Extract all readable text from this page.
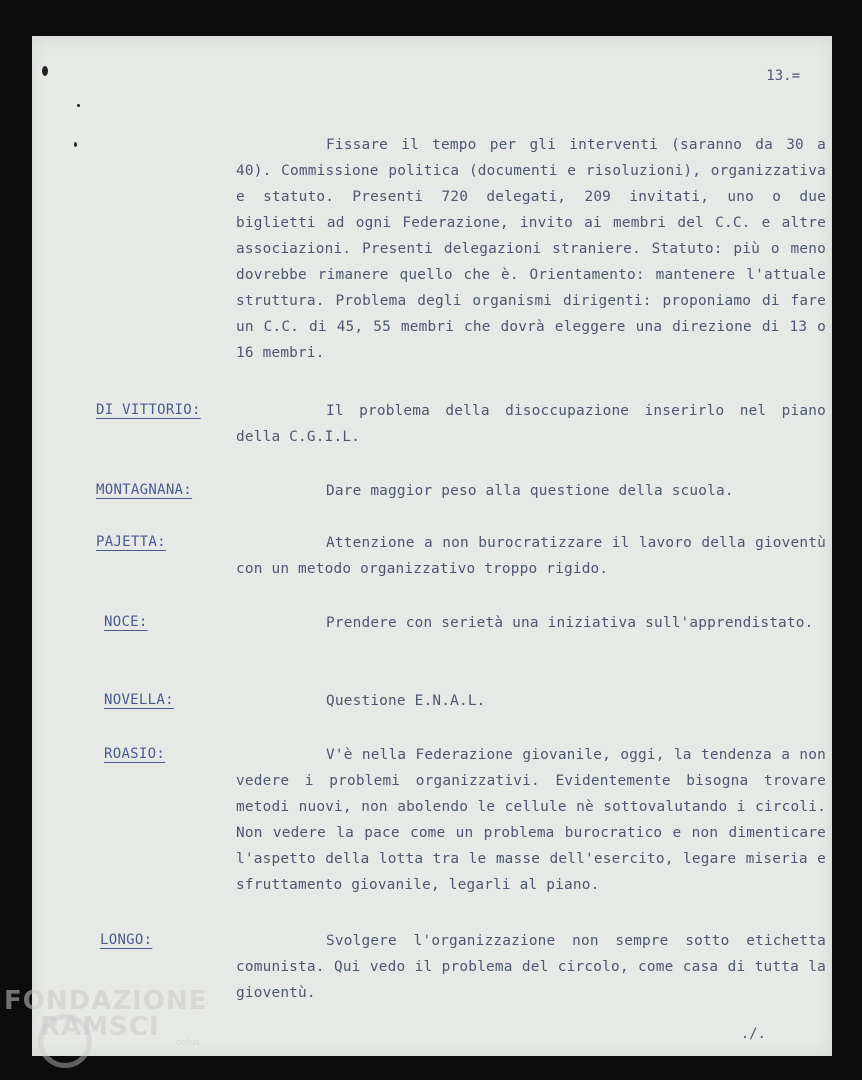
13.=
Fissare il tempo per gli interventi (saranno da 30 a 40). Commissione politica (documenti e risoluzioni), organizzativa e statuto. Presenti 720 delegati, 209 invitati, uno o due biglietti ad ogni Federazione, invito ai membri del C.C. e altre associazioni. Presenti delegazioni straniere. Statuto: più o meno dovrebbe rimanere quello che è. Orientamento: mantenere l'attuale struttura. Problema degli organismi dirigenti: proponiamo di fare un C.C. di 45, 55 membri che dovrà eleggere una direzione di 13 o 16 membri.
DI VITTORIO:	Il problema della disoccupazione inserirlo nel piano della C.G.I.L.
MONTAGNANA:	Dare maggior peso alla questione della scuola.
PAJETTA:	Attenzione a non burocratizzare il lavoro della gioventù con un metodo organizzativo troppo rigido.
NOCE:	Prendere con serietà una iniziativa sull'apprendistato.
NOVELLA:	Questione E.N.A.L.
ROASIO:	V'è nella Federazione giovanile, oggi, la tendenza a non vedere i problemi organizzativi. Evidentemente bisogna trovare metodi nuovi, non abolendo le cellule nè sottovalutando i circoli. Non vedere la pace come un problema burocratico e non dimenticare l'aspetto della lotta tra le masse dell'esercito, legare miseria e sfruttamento giovanile, legarli al piano.
LONGO:	Svolgere l'organizzazione non sempre sotto etichetta comunista. Qui vedo il problema del circolo, come casa di tutta la gioventù.
./.
FONDAZIONE
RAMSCI
onlus
